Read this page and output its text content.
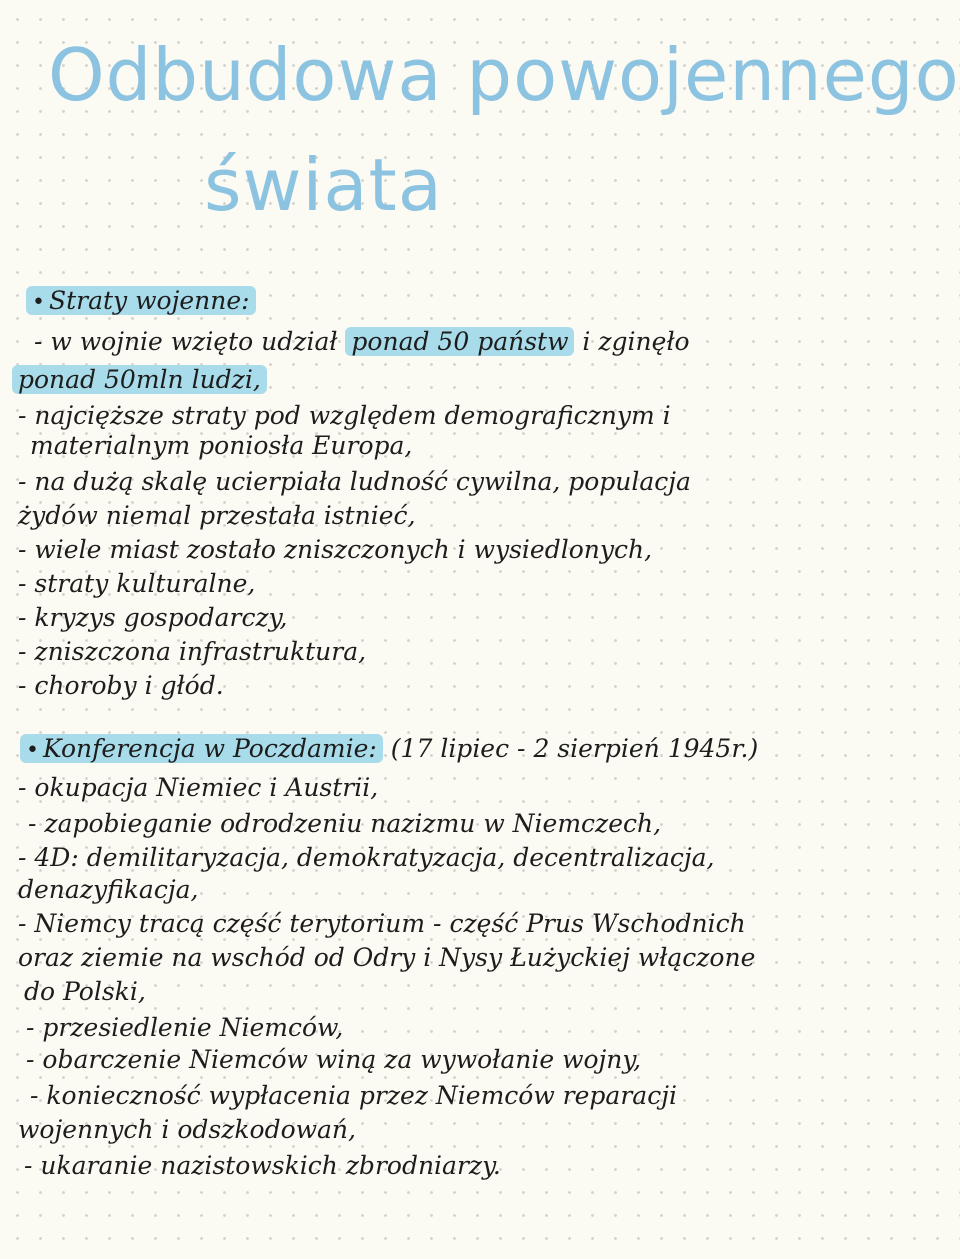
Odbudowa powojennego
świata
• Straty wojenne:
- w wojnie wzięto udział ponad 50 państw i zginęło
ponad 50mln ludzi,
- najcięższe straty pod względem demograficznym i
materialnym poniosła Europa,
- na dużą skalę ucierpiała ludność cywilna, populacja
żydów niemal przestała istnieć,
- wiele miast zostało zniszczonych i wysiedlonych,
- straty kulturalne,
- kryzys gospodarczy,
- zniszczona infrastruktura,
- choroby i głód.
• Konferencja w Poczdamie: (17 lipiec - 2 sierpień 1945r.)
- okupacja Niemiec i Austrii,
- zapobieganie odrodzeniu nazizmu w Niemczech,
- 4D: demilitaryzacja, demokratyzacja, decentralizacja,
denazyfikacja,
- Niemcy tracą część terytorium - część Prus Wschodnich
oraz ziemie na wschód od Odry i Nysy Łużyckiej włączone
do Polski,
- przesiedlenie Niemców,
- obarczenie Niemców winą za wywołanie wojny,
- konieczność wypłacenia przez Niemców reparacji
wojennych i odszkodowań,
- ukaranie nazistowskich zbrodniarzy.
